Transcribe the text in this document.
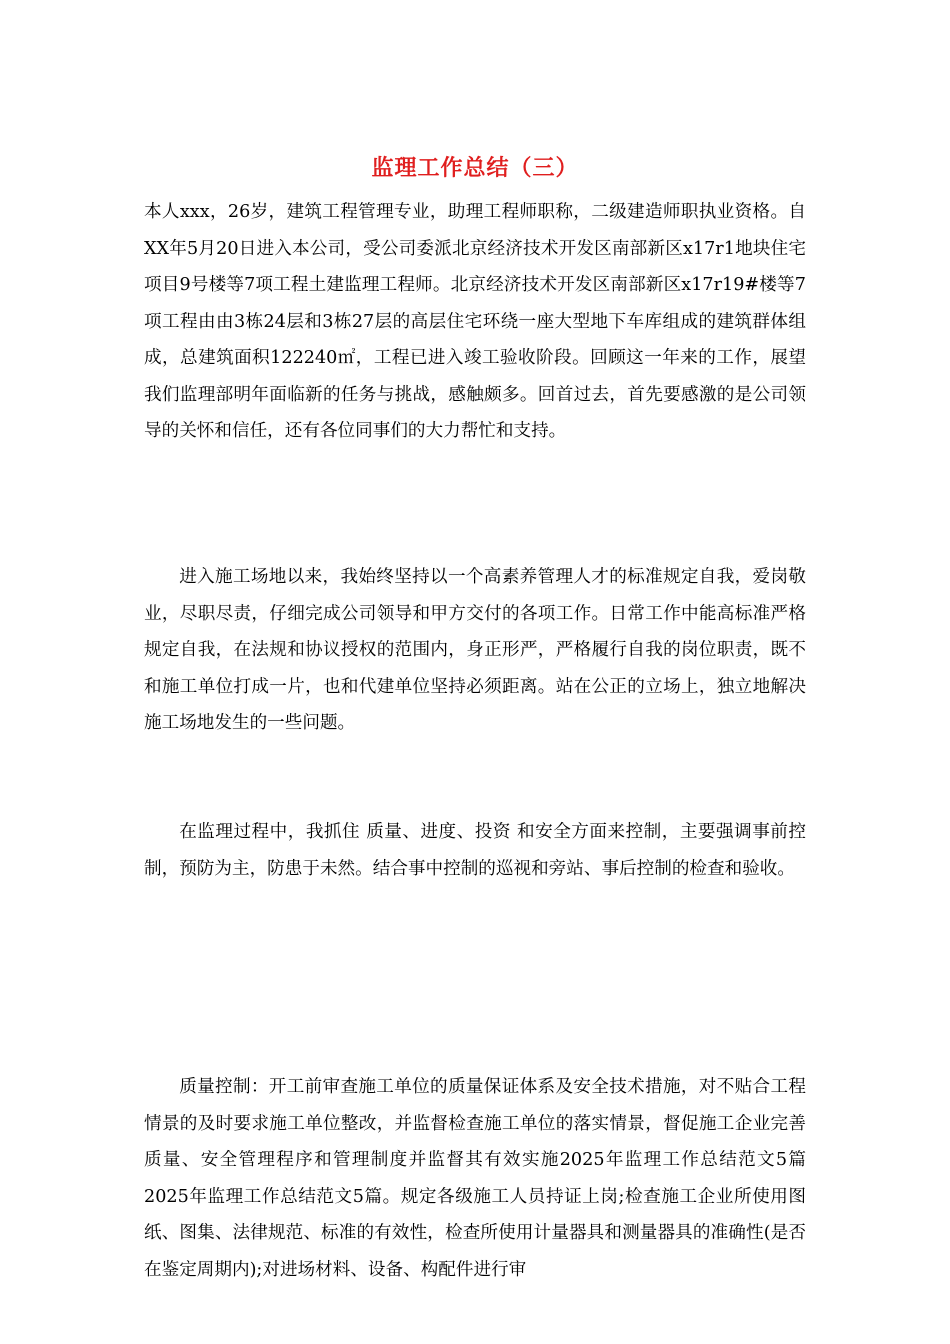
监理工作总结（三）

本人xxx，26岁，建筑工程管理专业，助理工程师职称，二级建造师职执业资格。自XX年5月20日进入本公司，受公司委派北京经济技术开发区南部新区x17r1地块住宅项目9号楼等7项工程土建监理工程师。北京经济技术开发区南部新区x17r19#楼等7项工程由由3栋24层和3栋27层的高层住宅环绕一座大型地下车库组成的建筑群体组成，总建筑面积122240㎡，工程已进入竣工验收阶段。回顾这一年来的工作，展望我们监理部明年面临新的任务与挑战，感触颇多。回首过去，首先要感激的是公司领导的关怀和信任，还有各位同事们的大力帮忙和支持。

进入施工场地以来，我始终坚持以一个高素养管理人才的标准规定自我，爱岗敬业，尽职尽责，仔细完成公司领导和甲方交付的各项工作。日常工作中能高标准严格规定自我，在法规和协议授权的范围内，身正形严，严格履行自我的岗位职责，既不和施工单位打成一片，也和代建单位坚持必须距离。站在公正的立场上，独立地解决施工场地发生的一些问题。

在监理过程中，我抓住 质量、进度、投资 和安全方面来控制，主要强调事前控制，预防为主，防患于未然。结合事中控制的巡视和旁站、事后控制的检查和验收。

质量控制：开工前审查施工单位的质量保证体系及安全技术措施，对不贴合工程情景的及时要求施工单位整改，并监督检查施工单位的落实情景，督促施工企业完善质量、安全管理程序和管理制度并监督其有效实施2025年监理工作总结范文5篇2025年监理工作总结范文5篇。规定各级施工人员持证上岗;检查施工企业所使用图纸、图集、法律规范、标准的有效性，检查所使用计量器具和测量器具的准确性(是否在鉴定周期内);对进场材料、设备、构配件进行审
